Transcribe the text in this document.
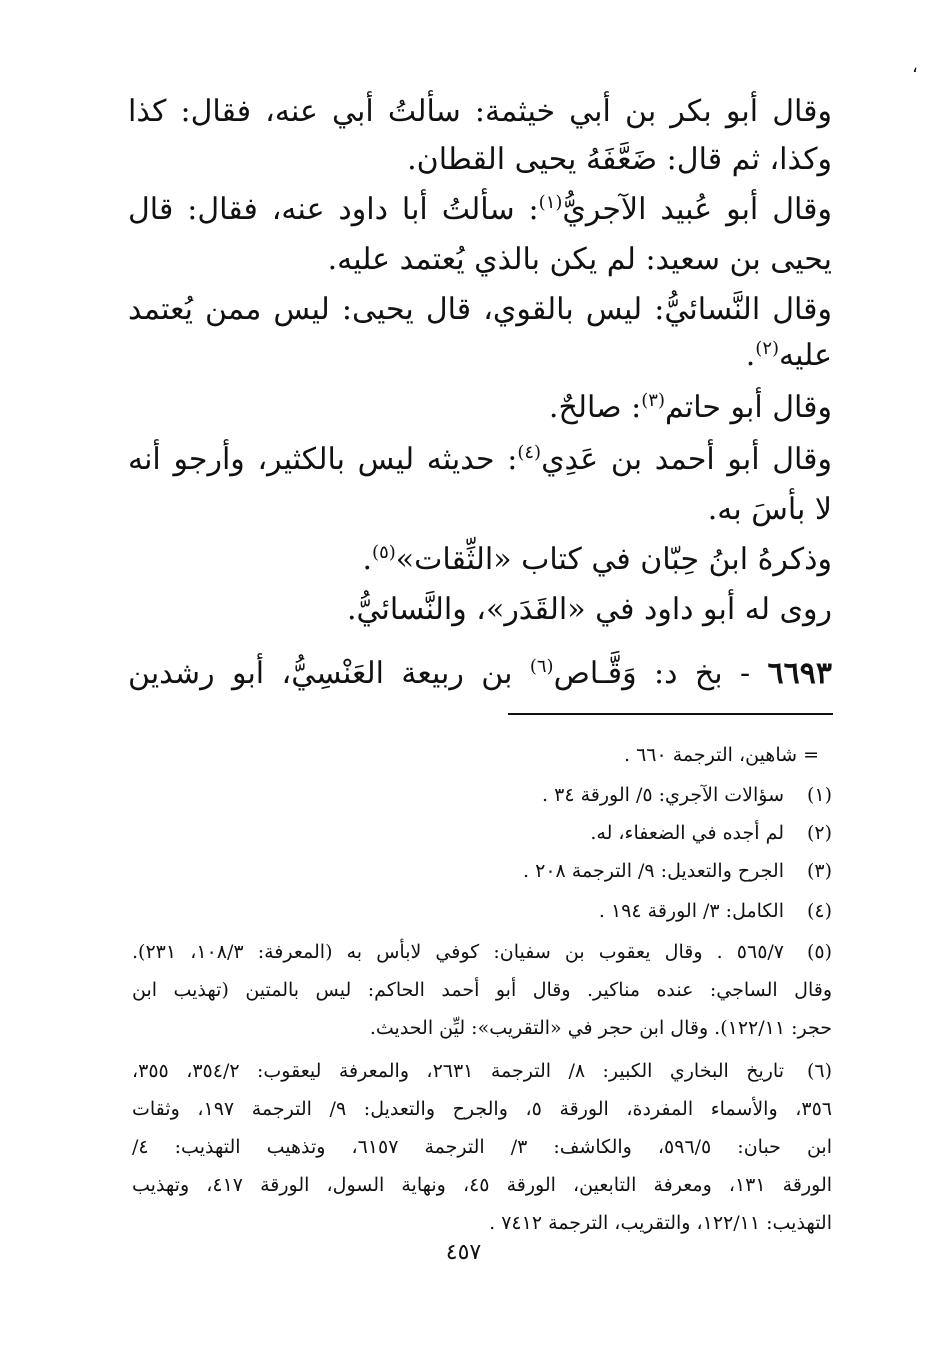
،
وقال أبو بكر بن أبي خيثمة: سألتُ أبي عنه، فقال: كذا
وكذا، ثم قال: ضَعَّفَهُ يحيى القطان.
وقال أبو عُبيد الآجريُّ$^{(١)}$: سألتُ أبا داود عنه، فقال: قال
يحيى بن سعيد: لم يكن بالذي يُعتمد عليه.
وقال النَّسائيُّ: ليس بالقوي، قال يحيى: ليس ممن يُعتمد
عليه$^{(٢)}$.
وقال أبو حاتم$^{(٣)}$: صالحٌ.
وقال أبو أحمد بن عَدِي$^{(٤)}$: حديثه ليس بالكثير، وأرجو أنه
لا بأسَ به.
وذكرهُ ابنُ حِبّان في كتاب «الثِّقات»$^{(٥)}$.
روى له أبو داود في «القَدَر»، والنَّسائيُّ.
٦٦٩٣ - بخ د: وَقَّـاص$^{(٦)}$ بن ربيعة العَنْسِيُّ، أبو رشدين
= شاهين، الترجمة ٦٦٠ .
(١)سؤالات الآجري: ٥/ الورقة ٣٤ .
(٢)لم أجده في الضعفاء، له.
(٣)الجرح والتعديل: ٩/ الترجمة ٢٠٨ .
(٤)الكامل: ٣/ الورقة ١٩٤ .
(٥)٥٦٥/٧ . وقال يعقوب بن سفيان: كوفي لابأس به (المعرفة: ١٠٨/٣، ٢٣١).
وقال الساجي: عنده مناكير. وقال أبو أحمد الحاكم: ليس بالمتين (تهذيب ابن
حجر: ١٢٢/١١). وقال ابن حجر في «التقريب»: ليِّن الحديث.
(٦)تاريخ البخاري الكبير: ٨/ الترجمة ٢٦٣١، والمعرفة ليعقوب: ٣٥٤/٢، ٣٥٥،
٣٥٦، والأسماء المفردة، الورقة ٥، والجرح والتعديل: ٩/ الترجمة ١٩٧، وثقات
ابن حبان: ٥٩٦/٥، والكاشف: ٣/ الترجمة ٦١٥٧، وتذهيب التهذيب: ٤/
الورقة ١٣١، ومعرفة التابعين، الورقة ٤٥، ونهاية السول، الورقة ٤١٧، وتهذيب
التهذيب: ١٢٢/١١، والتقريب، الترجمة ٧٤١٢ .
٤٥٧
